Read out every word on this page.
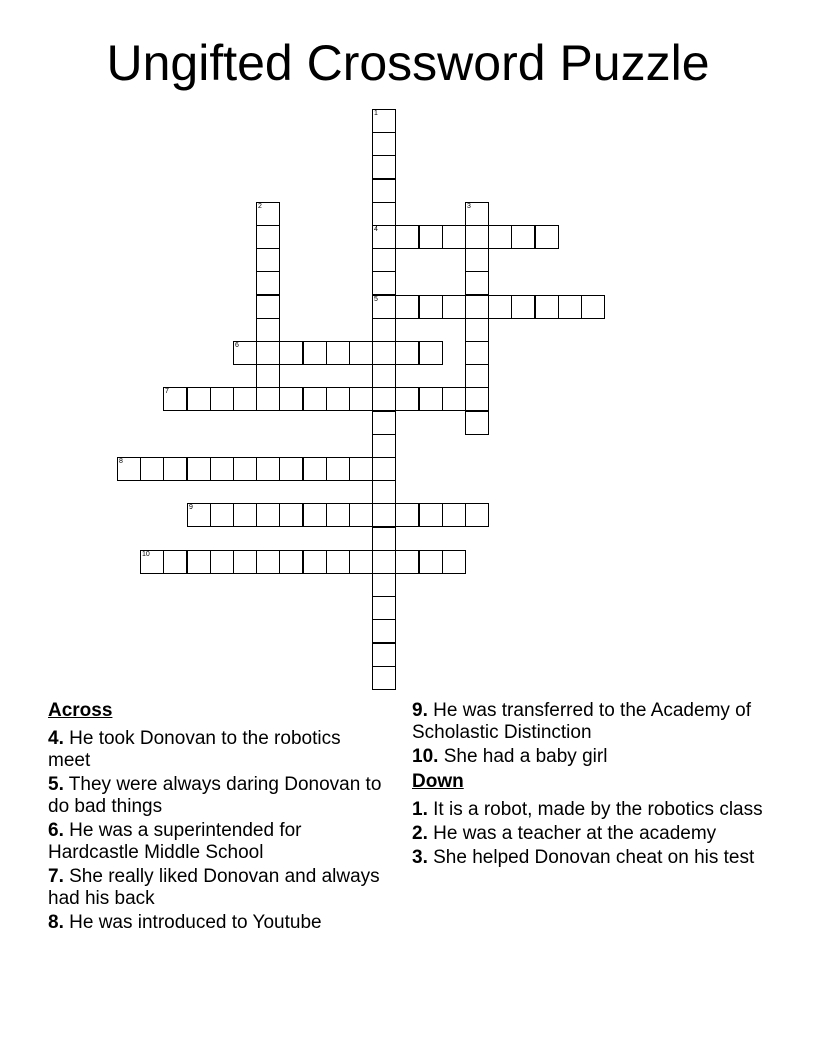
Ungifted Crossword Puzzle
1
4
5
2	3
6
7
8
9
10
Across
4. He took Donovan to the robotics meet
5. They were always daring Donovan to do bad things
6. He was a superintended for Hardcastle Middle School
7. She really liked Donovan and always had his back
8. He was introduced to Youtube
9. He was transferred to the Academy of Scholastic Distinction
10. She had a baby girl
Down
1. It is a robot, made by the robotics class
2. He was a teacher at the academy
3. She helped Donovan cheat on his test
